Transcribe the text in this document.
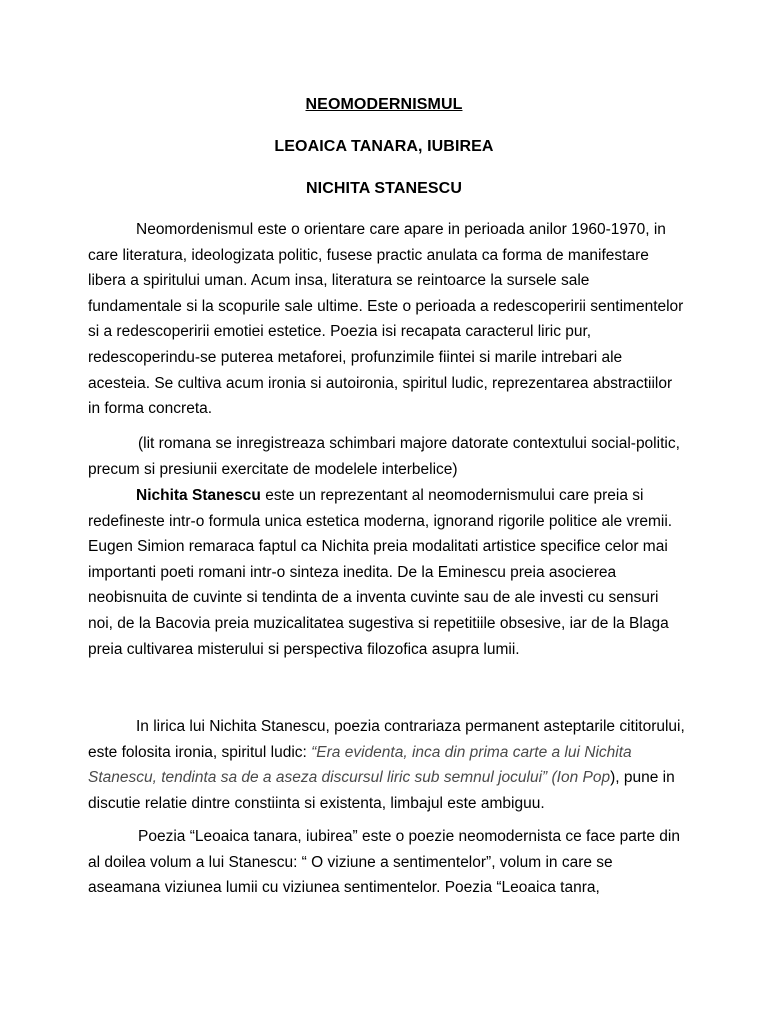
NEOMODERNISMUL
LEOAICA TANARA, IUBIREA
NICHITA STANESCU

Neomordenismul este o orientare care apare in perioada anilor 1960-1970, in care literatura, ideologizata politic, fusese practic anulata ca forma de manifestare libera a spiritului uman. Acum insa, literatura se reintoarce la sursele sale fundamentale si la scopurile sale ultime. Este o perioada a redescoperirii sentimentelor si a redescoperirii emotiei estetice. Poezia isi recapata caracterul liric pur, redescoperindu-se puterea metaforei, profunzimile fiintei si marile intrebari ale acesteia. Se cultiva acum ironia si autoironia, spiritul ludic, reprezentarea abstractiilor in forma concreta.

(lit romana se inregistreaza schimbari majore datorate contextului social-politic, precum si presiunii exercitate de modelele interbelice)

Nichita Stanescu este un reprezentant al neomodernismului care preia si redefineste intr-o formula unica estetica moderna, ignorand rigorile politice ale vremii. Eugen Simion remaraca faptul ca Nichita preia modalitati artistice specifice celor mai importanti poeti romani intr-o sinteza inedita. De la Eminescu preia asocierea neobisnuita de cuvinte si tendinta de a inventa cuvinte sau de ale investi cu sensuri noi, de la Bacovia preia muzicalitatea sugestiva si repetitiile obsesive, iar de la Blaga preia cultivarea misterului si perspectiva filozofica asupra lumii.

In lirica lui Nichita Stanescu, poezia contrariaza permanent asteptarile cititorului, este folosita ironia, spiritul ludic: “Era evidenta, inca din prima carte a lui Nichita Stanescu, tendinta sa de a aseza discursul liric sub semnul jocului” (Ion Pop), pune in discutie relatie dintre constiinta si existenta, limbajul este ambiguu.

Poezia “Leoaica tanara, iubirea” este o poezie neomodernista ce face parte din al doilea volum a lui Stanescu: “ O viziune a sentimentelor”, volum in care se aseamana viziunea lumii cu viziunea sentimentelor. Poezia “Leoaica tanra,
